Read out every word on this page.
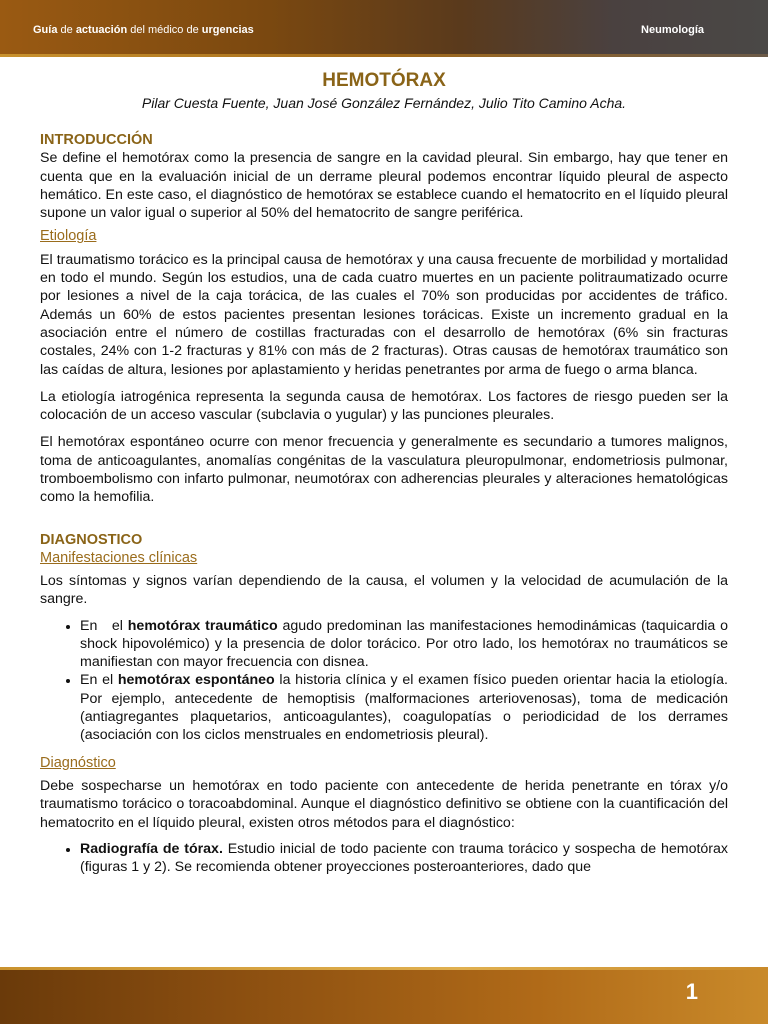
Guía de actuación del médico de urgencias	Neumología
HEMOTÓRAX
Pilar Cuesta Fuente, Juan José González Fernández, Julio Tito Camino Acha.
INTRODUCCIÓN

Se define el hemotórax como la presencia de sangre en la cavidad pleural. Sin embargo, hay que tener en cuenta que en la evaluación inicial de un derrame pleural podemos encontrar líquido pleural de aspecto hemático. En este caso, el diagnóstico de hemotórax se establece cuando el hematocrito en el líquido pleural supone un valor igual o superior al 50% del hematocrito de sangre periférica.

Etiología

El traumatismo torácico es la principal causa de hemotórax y una causa frecuente de morbilidad y mortalidad en todo el mundo. Según los estudios, una de cada cuatro muertes en un paciente politraumatizado ocurre por lesiones a nivel de la caja torácica, de las cuales el 70% son producidas por accidentes de tráfico. Además un 60% de estos pacientes presentan lesiones torácicas. Existe un incremento gradual en la asociación entre el número de costillas fracturadas con el desarrollo de hemotórax (6% sin fracturas costales, 24% con 1-2 fracturas y 81% con más de 2 fracturas). Otras causas de hemotórax traumático son las caídas de altura, lesiones por aplastamiento y heridas penetrantes por arma de fuego o arma blanca.

La etiología iatrogénica representa la segunda causa de hemotórax. Los factores de riesgo pueden ser la colocación de un acceso vascular (subclavia o yugular) y las punciones pleurales.

El hemotórax espontáneo ocurre con menor frecuencia y generalmente es secundario a tumores malignos, toma de anticoagulantes, anomalías congénitas de la vasculatura pleuropulmonar, endometriosis pulmonar, tromboembolismo con infarto pulmonar, neumotórax con adherencias pleurales y alteraciones hematológicas como la hemofilia.

DIAGNOSTICO
Manifestaciones clínicas

Los síntomas y signos varían dependiendo de la causa, el volumen y la velocidad de acumulación de la sangre.

• En   el hemotórax traumático agudo predominan las manifestaciones hemodinámicas (taquicardia o shock hipovolémico) y la presencia de dolor torácico. Por otro lado, los hemotórax no traumáticos se manifiestan con mayor frecuencia con disnea.
• En el hemotórax espontáneo la historia clínica y el examen físico pueden orientar hacia la etiología. Por ejemplo, antecedente de hemoptisis (malformaciones arteriovenosas), toma de medicación (antiagregantes plaquetarios, anticoagulantes), coagulopatías o periodicidad de los derrames (asociación con los ciclos menstruales en endometriosis pleural).
Diagnóstico

Debe sospecharse un hemotórax en todo paciente con antecedente de herida penetrante en tórax y/o traumatismo torácico o toracoabdominal. Aunque el diagnóstico definitivo se obtiene con la cuantificación del hematocrito en el líquido pleural, existen otros métodos para el diagnóstico:

• Radiografía de tórax. Estudio inicial de todo paciente con trauma torácico y sospecha de hemotórax (figuras 1 y 2). Se recomienda obtener proyecciones posteroanteriores, dado que
1
